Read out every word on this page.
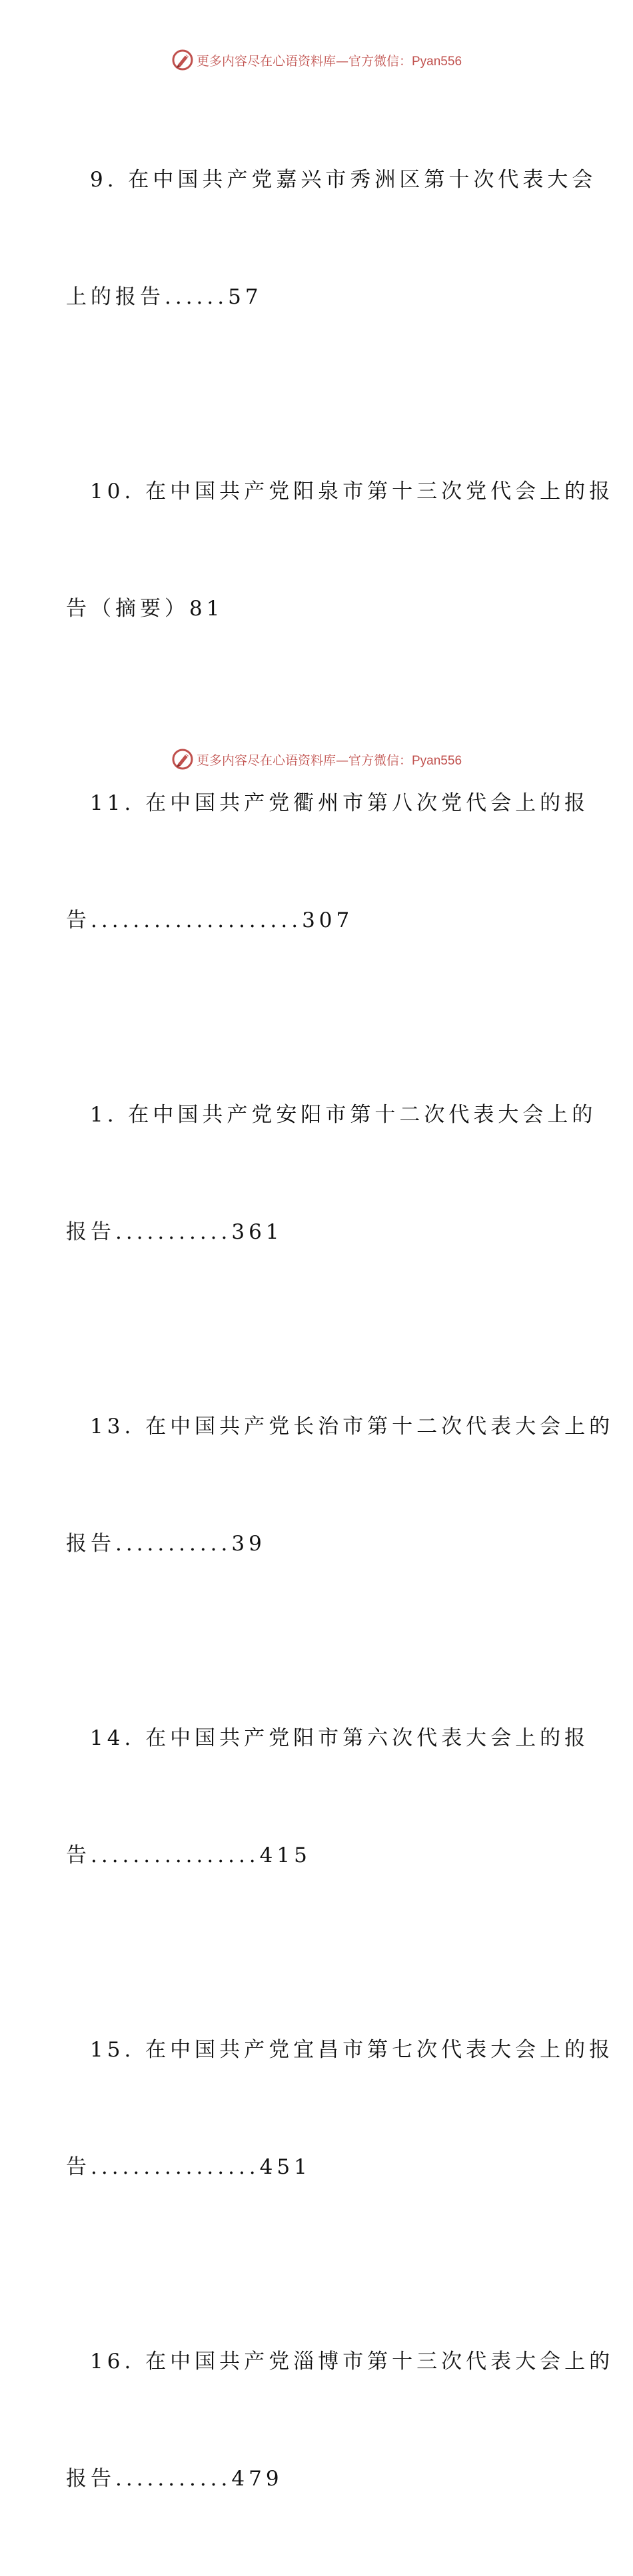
更多内容尽在心语资料库—官方微信：Pyan556

9. 在中国共产党嘉兴市秀洲区第十次代表大会

上的报告......57

10. 在中国共产党阳泉市第十三次党代会上的报

告（摘要）81

11. 在中国共产党衢州市第八次党代会上的报

告....................307

1. 在中国共产党安阳市第十二次代表大会上的

报告...........361

13. 在中国共产党长治市第十二次代表大会上的

报告...........39

14. 在中国共产党阳市第六次代表大会上的报

告................415

15. 在中国共产党宜昌市第七次代表大会上的报

告................451

16. 在中国共产党淄博市第十三次代表大会上的

报告...........479

更多内容尽在心语资料库—官方微信：Pyan556
